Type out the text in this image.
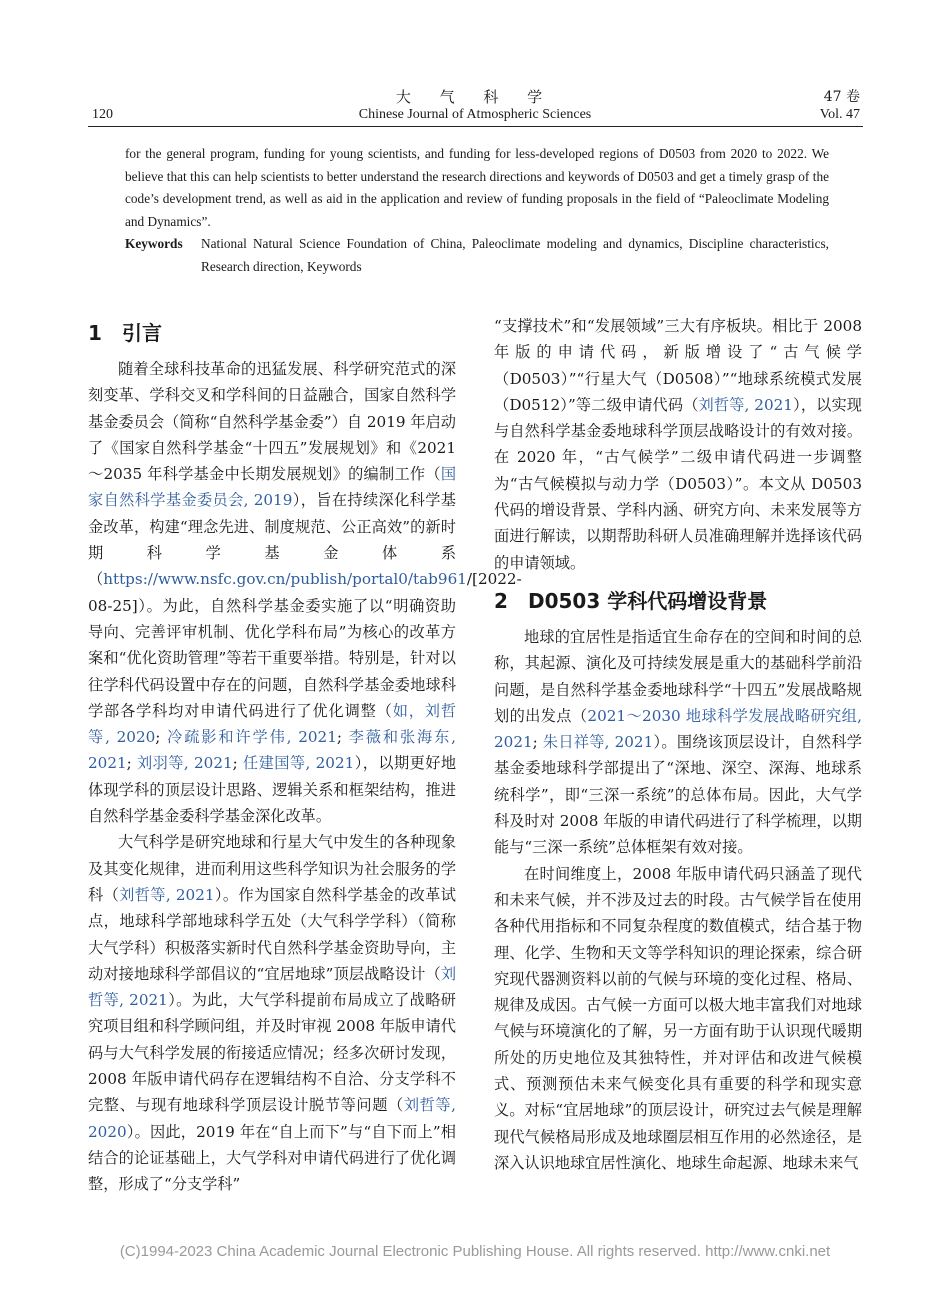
大 气 科 学	47 卷
120	Chinese Journal of Atmospheric Sciences	Vol. 47

for the general program, funding for young scientists, and funding for less-developed regions of D0503 from 2020 to 2022. We believe that this can help scientists to better understand the research directions and keywords of D0503 and get a timely grasp of the code’s development trend, as well as aid in the application and review of funding proposals in the field of “Paleoclimate Modeling and Dynamics”.

Keywords National Natural Science Foundation of China, Paleoclimate modeling and dynamics, Discipline characteristics, Research direction, Keywords
1 引言

随着全球科技革命的迅猛发展、科学研究范式的深刻变革、学科交叉和学科间的日益融合，国家自然科学基金委员会（简称“自然科学基金委”）自 2019 年启动了《国家自然科学基金“十四五”发展规划》和《2021～2035 年科学基金中长期发展规划》的编制工作（国家自然科学基金委员会, 2019），旨在持续深化科学基金改革，构建“理念先进、制度规范、公正高效”的新时期科学基金体系（https://www.nsfc.gov.cn/publish/portal0/tab961/[2022-08-25]）。为此，自然科学基金委实施了以“明确资助导向、完善评审机制、优化学科布局”为核心的改革方案和“优化资助管理”等若干重要举措。特别是，针对以往学科代码设置中存在的问题，自然科学基金委地球科学部各学科均对申请代码进行了优化调整（如，刘哲等, 2020; 冷疏影和许学伟, 2021; 李薇和张海东, 2021; 刘羽等, 2021; 任建国等, 2021），以期更好地体现学科的顶层设计思路、逻辑关系和框架结构，推进自然科学基金委科学基金深化改革。

大气科学是研究地球和行星大气中发生的各种现象及其变化规律，进而利用这些科学知识为社会服务的学科（刘哲等, 2021）。作为国家自然科学基金的改革试点，地球科学部地球科学五处（大气科学学科）（简称大气学科）积极落实新时代自然科学基金资助导向，主动对接地球科学部倡议的“宜居地球”顶层战略设计（刘哲等, 2021）。为此，大气学科提前布局成立了战略研究项目组和科学顾问组，并及时审视 2008 年版申请代码与大气科学发展的衔接适应情况；经多次研讨发现，2008 年版申请代码存在逻辑结构不自洽、分支学科不完整、与现有地球科学顶层设计脱节等问题（刘哲等, 2020）。因此，2019 年在“自上而下”与“自下而上”相结合的论证基础上，大气学科对申请代码进行了优化调整，形成了“分支学科”

“支撑技术”和“发展领域”三大有序板块。相比于 2008 年版的申请代码，新版增设了“古气候学（D0503）”“行星大气（D0508）”“地球系统模式发展（D0512）”等二级申请代码（刘哲等, 2021），以实现与自然科学基金委地球科学顶层战略设计的有效对接。在 2020 年，“古气候学”二级申请代码进一步调整为“古气候模拟与动力学（D0503）”。本文从 D0503 代码的增设背景、学科内涵、研究方向、未来发展等方面进行解读，以期帮助科研人员准确理解并选择该代码的申请领域。

2 D0503 学科代码增设背景

地球的宜居性是指适宜生命存在的空间和时间的总称，其起源、演化及可持续发展是重大的基础科学前沿问题，是自然科学基金委地球科学“十四五”发展战略规划的出发点（2021～2030 地球科学发展战略研究组, 2021; 朱日祥等, 2021）。围绕该顶层设计，自然科学基金委地球科学部提出了“深地、深空、深海、地球系统科学”，即“三深一系统”的总体布局。因此，大气学科及时对 2008 年版的申请代码进行了科学梳理，以期能与“三深一系统”总体框架有效对接。

在时间维度上，2008 年版申请代码只涵盖了现代和未来气候，并不涉及过去的时段。古气候学旨在使用各种代用指标和不同复杂程度的数值模式，结合基于物理、化学、生物和天文等学科知识的理论探索，综合研究现代器测资料以前的气候与环境的变化过程、格局、规律及成因。古气候一方面可以极大地丰富我们对地球气候与环境演化的了解，另一方面有助于认识现代暖期所处的历史地位及其独特性，并对评估和改进气候模式、预测预估未来气候变化具有重要的科学和现实意义。对标“宜居地球”的顶层设计，研究过去气候是理解现代气候格局形成及地球圈层相互作用的必然途径，是深入认识地球宜居性演化、地球生命起源、地球未来气

(C)1994-2023 China Academic Journal Electronic Publishing House. All rights reserved. http://www.cnki.net
